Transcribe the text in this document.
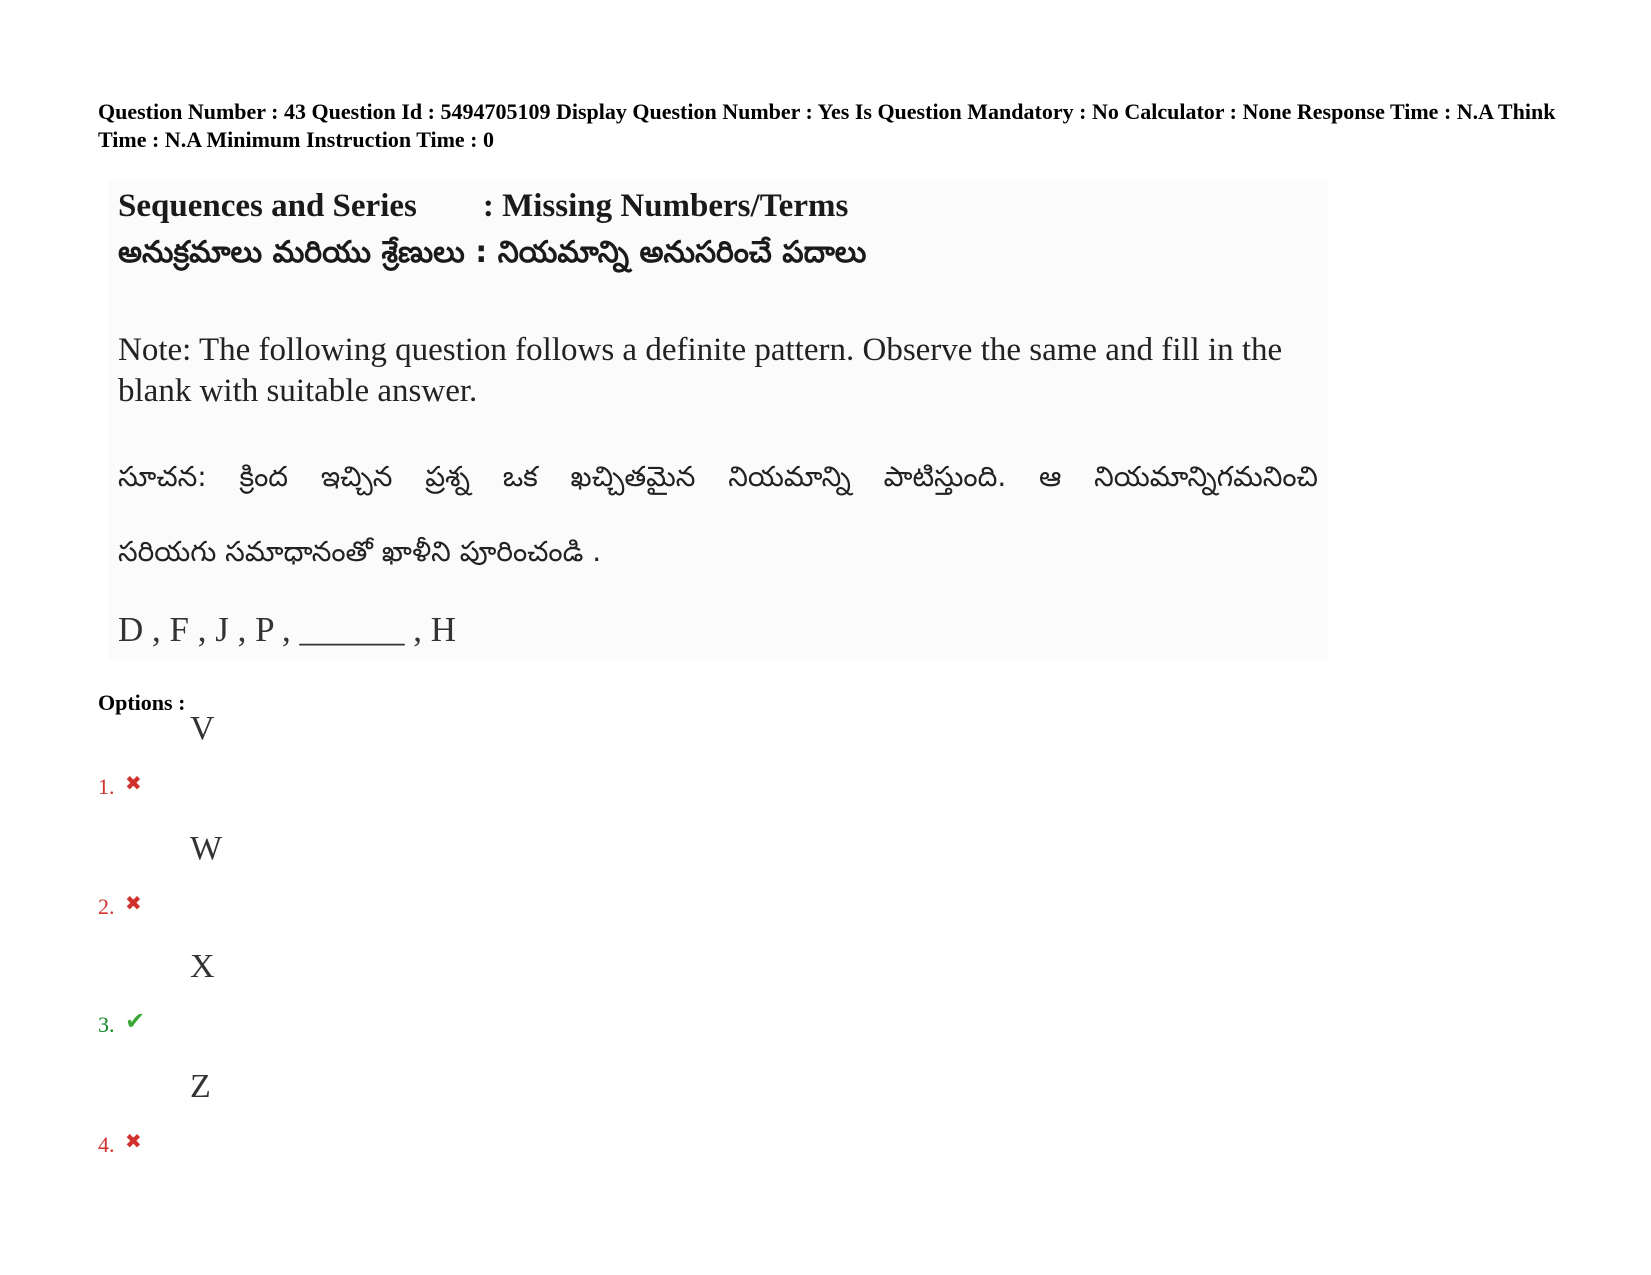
Question Number : 43 Question Id : 5494705109 Display Question Number : Yes Is Question Mandatory : No Calculator : None Response Time : N.A Think Time : N.A Minimum Instruction Time : 0
Sequences and Series        : Missing Numbers/Terms
అనుక్రమాలు మరియు శ్రేణులు : నియమాన్ని అనుసరించే పదాలు
Note: The following question follows a definite pattern. Observe the same and fill in the blank with suitable answer.
సూచన: క్రింద ఇచ్చిన ప్రశ్న ఒక ఖచ్చితమైన నియమాన్ని పాటిస్తుంది. ఆ నియమాన్నిగమనించి
సరియగు సమాధానంతో ఖాళీని పూరించండి .
D , F , J , P , ______ , H
Options :
1. ✖
V
2. ✖
W
3. ✔
X
4. ✖
Z
